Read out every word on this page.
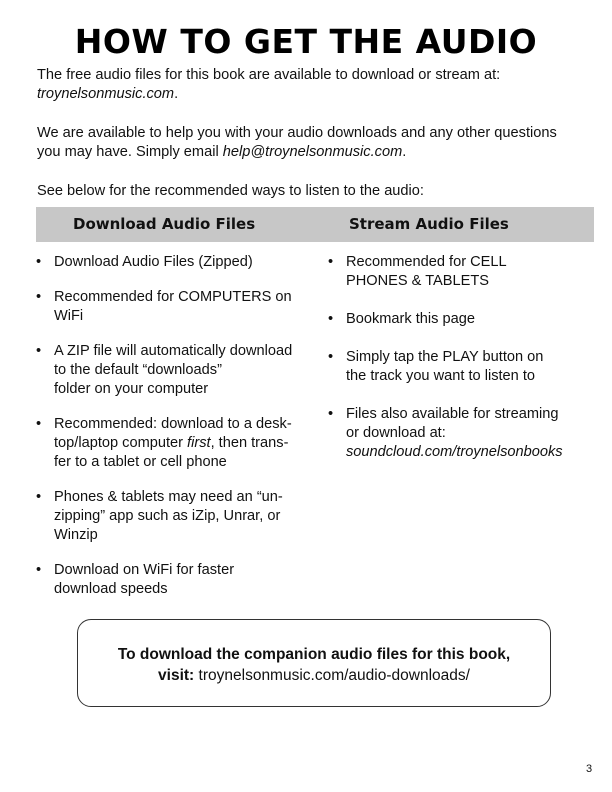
HOW TO GET THE AUDIO

The free audio files for this book are available to download or stream at:
troynelsonmusic.com.

We are available to help you with your audio downloads and any other questions you may have. Simply email help@troynelsonmusic.com.

See below for the recommended ways to listen to the audio:

Download Audio Files	Stream Audio Files
• Download Audio Files (Zipped)
• Recommended for COMPUTERS on
WiFi
• A ZIP file will automatically download
to the default “downloads”
folder on your computer
• Recommended: download to a desk-
top/laptop computer first, then trans-
fer to a tablet or cell phone
• Phones & tablets may need an “un-
zipping” app such as iZip, Unrar, or
Winzip
• Download on WiFi for faster
download speeds
• Recommended for CELL
PHONES & TABLETS
• Bookmark this page
• Simply tap the PLAY button on
the track you want to listen to
• Files also available for streaming
or download at:
soundcloud.com/troynelsonbooks
To download the companion audio files for this book,
visit: troynelsonmusic.com/audio-downloads/
3
